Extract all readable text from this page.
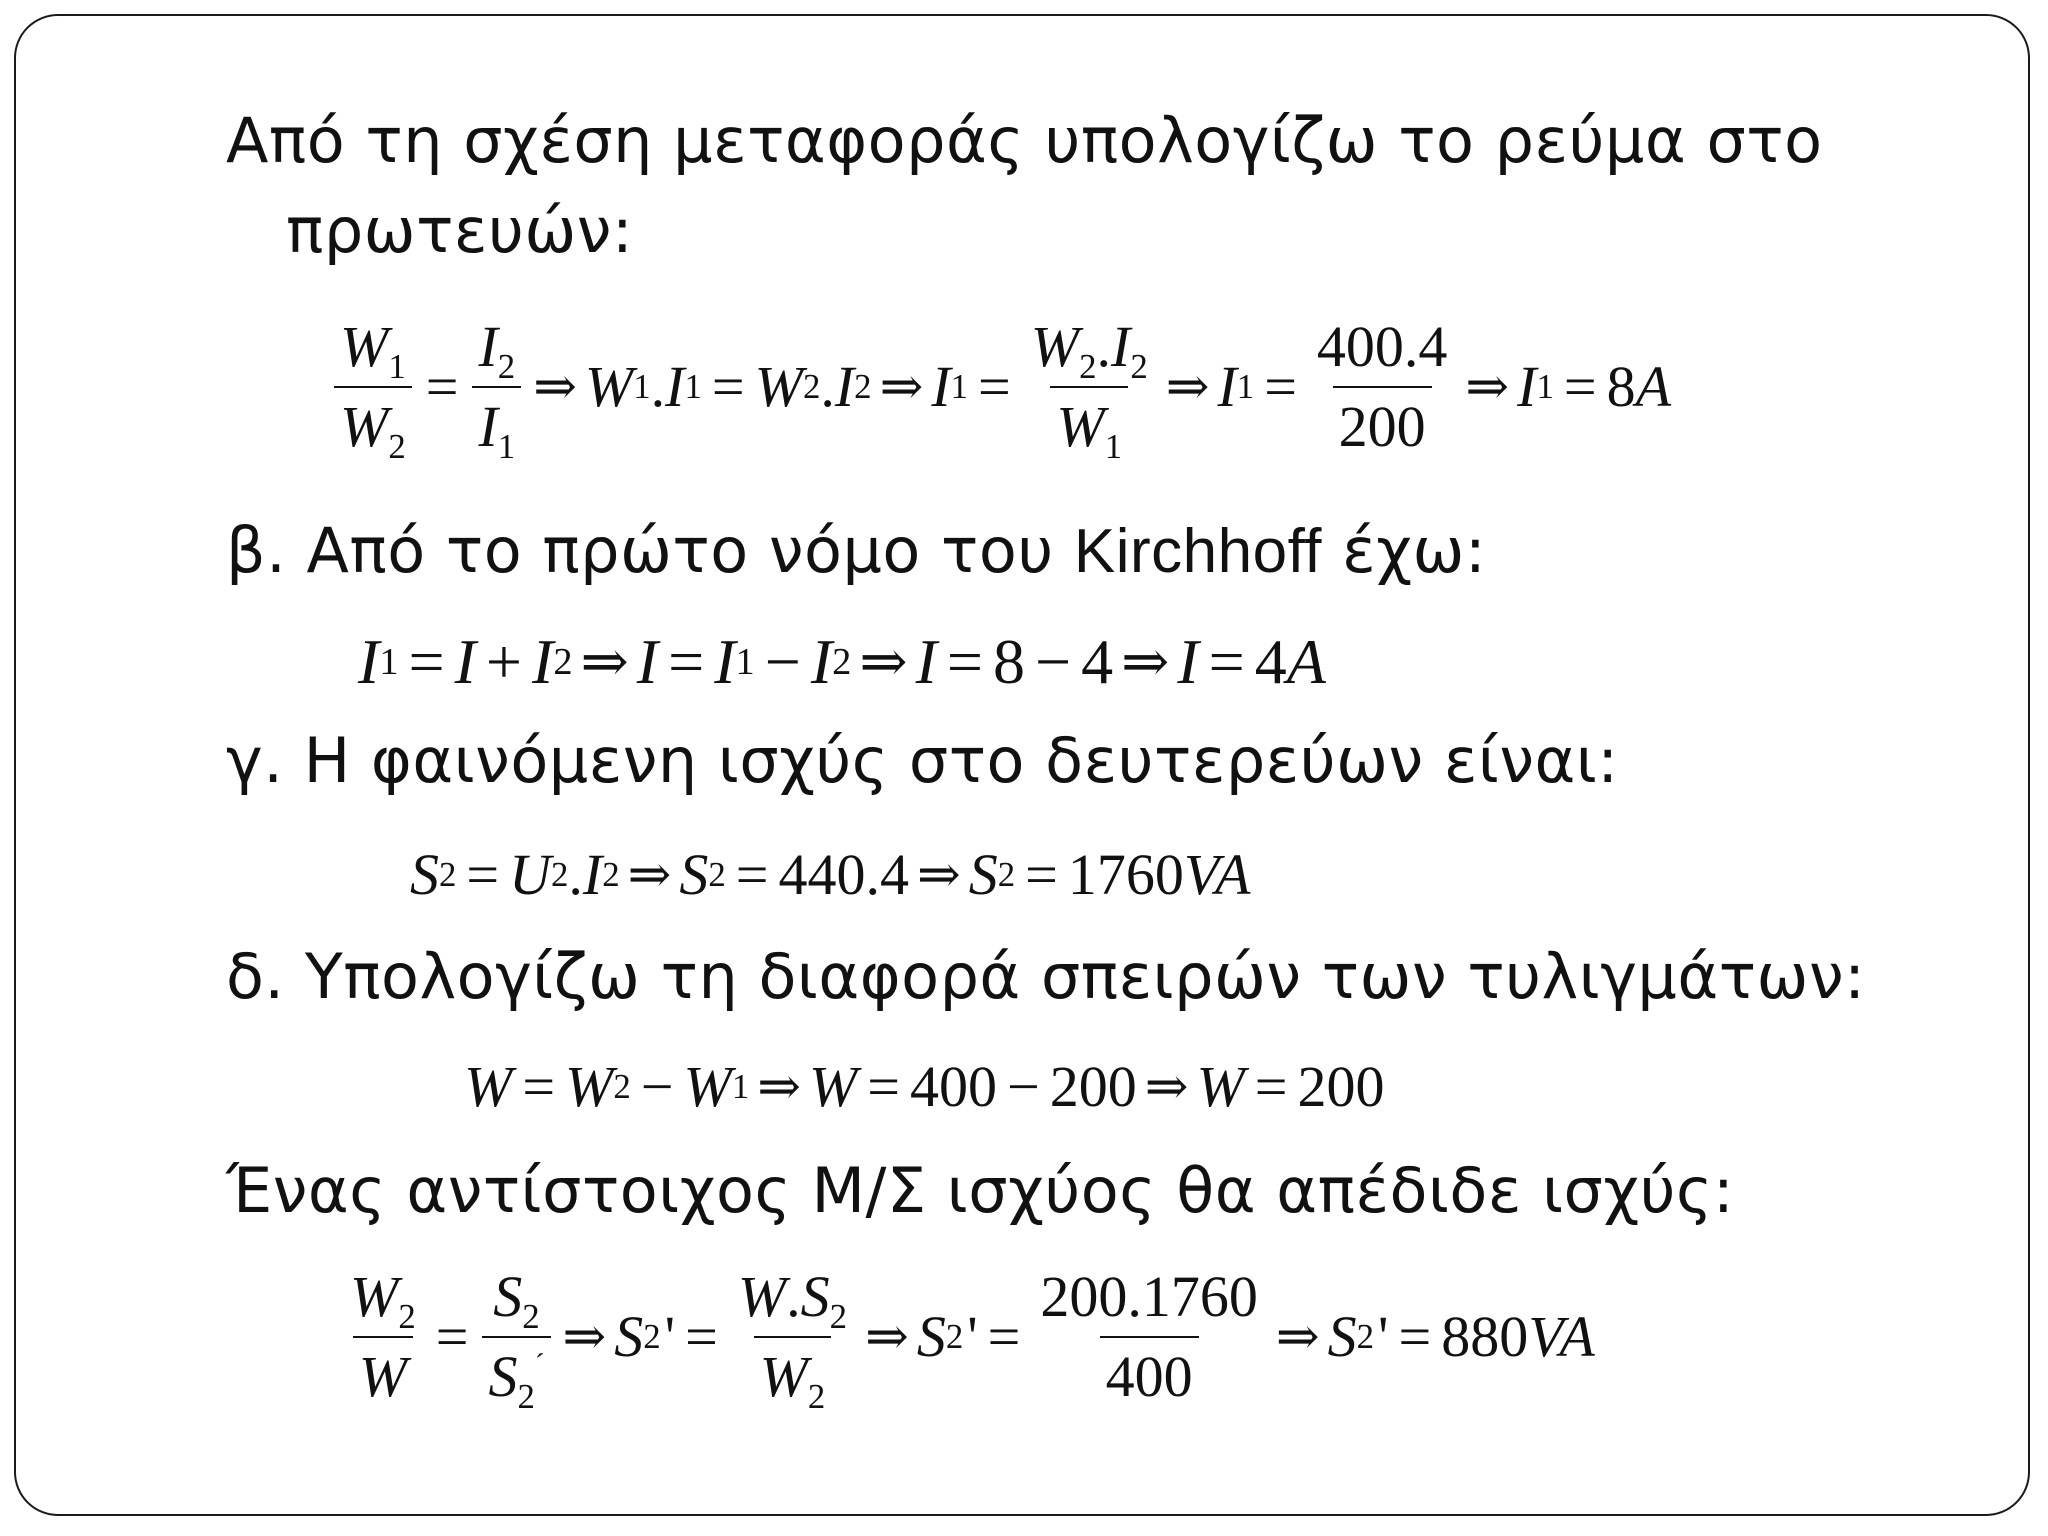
Από τη σχέση μεταφοράς υπολογίζω το ρεύμα στο
πρωτευών:
$\frac{W_1}{W_2} = \frac{I_2}{I_1}$ ⇒ W 1 . I 1 = W 2 . I 2 ⇒ I $1 = \frac{W_2.I_2}{W_1}$ ⇒ I $1 = \frac{400.4}{200}$ ⇒ I 1 = 8 A
β. Από το πρώτο νόμο του Kirchhoff έχω:
I 1 = I + I 2 ⇒ I = I 1 − I 2 ⇒ I = 8 − 4 ⇒ I = 4 A
γ. Η φαινόμενη ισχύς στο δευτερεύων είναι:
S 2 = U 2 . I 2 ⇒ S 2 = 440.4 ⇒ S 2 = 1760 VA
δ. Υπολογίζω τη διαφορά σπειρών των τυλιγμάτων:
W = W 2 − W 1 ⇒ W = 400 − 200 ⇒ W = 200
Ένας αντίστοιχος Μ/Σ ισχύος θα απέδιδε ισχύς:
$\frac{W_2}{W} = \frac{S_2}{S_2^´}$ ⇒ S 2 ' = $\frac{W.S_2}{W_2}$ ⇒ S 2 ' = $\frac{200.1760}{400}$ ⇒ S 2 ' = 880 VA
